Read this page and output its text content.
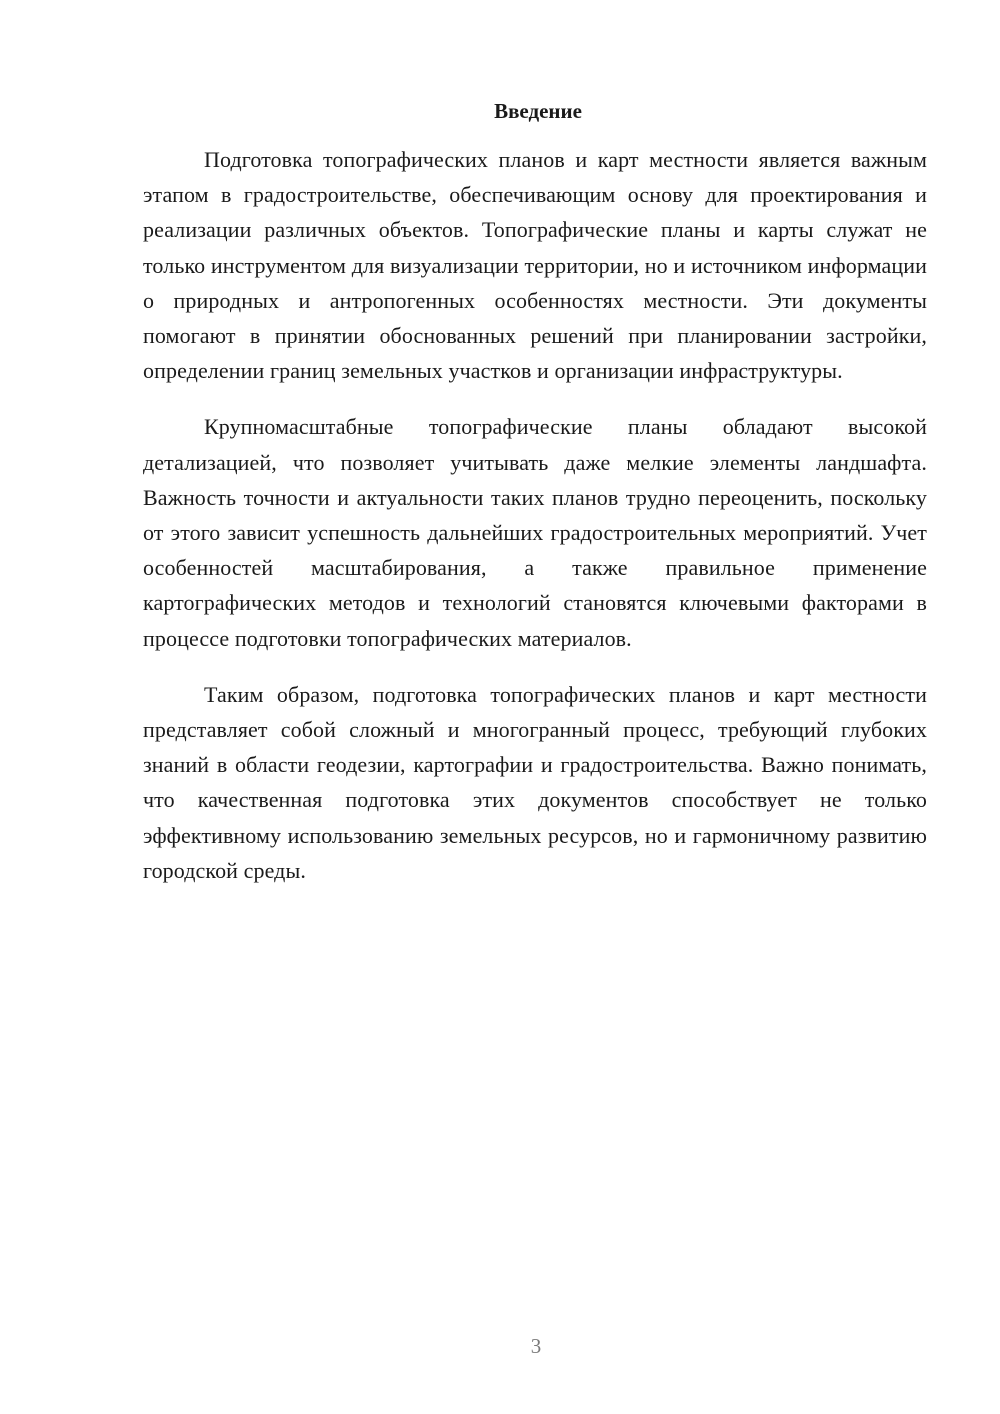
Введение

Подготовка топографических планов и карт местности является важным этапом в градостроительстве, обеспечивающим основу для проектирования и реализации различных объектов. Топографические планы и карты служат не только инструментом для визуализации территории, но и источником информации о природных и антропогенных особенностях местности. Эти документы помогают в принятии обоснованных решений при планировании застройки, определении границ земельных участков и организации инфраструктуры.

Крупномасштабные топографические планы обладают высокой детализацией, что позволяет учитывать даже мелкие элементы ландшафта. Важность точности и актуальности таких планов трудно переоценить, поскольку от этого зависит успешность дальнейших градостроительных мероприятий. Учет особенностей масштабирования, а также правильное применение картографических методов и технологий становятся ключевыми факторами в процессе подготовки топографических материалов.

Таким образом, подготовка топографических планов и карт местности представляет собой сложный и многогранный процесс, требующий глубоких знаний в области геодезии, картографии и градостроительства. Важно понимать, что качественная подготовка этих документов способствует не только эффективному использованию земельных ресурсов, но и гармоничному развитию городской среды.

3
